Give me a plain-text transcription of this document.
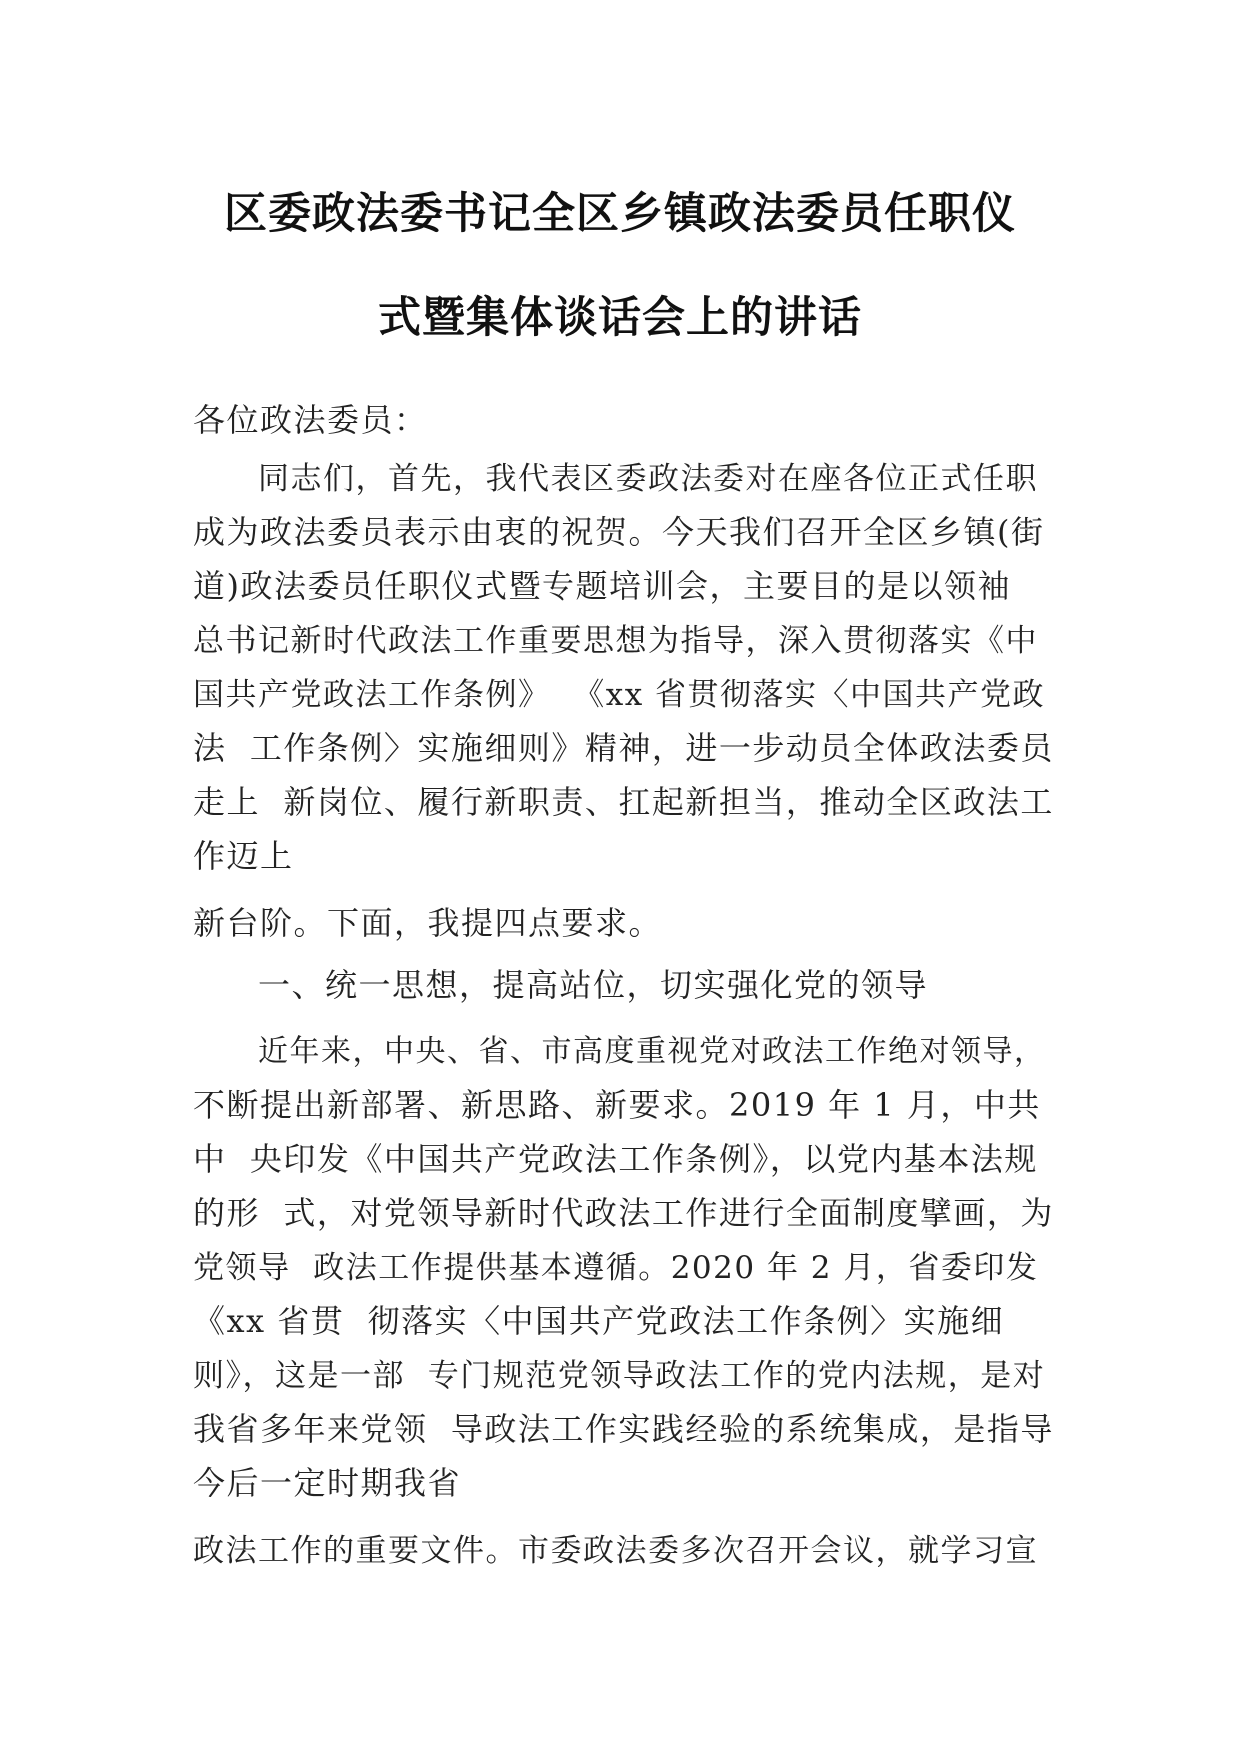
区委政法委书记全区乡镇政法委员任职仪
式暨集体谈话会上的讲话
各位政法委员：
同志们，首先，我代表区委政法委对在座各位正式任职
成为政法委员表示由衷的祝贺。今天我们召开全区乡镇(街
道)政法委员任职仪式暨专题培训会，主要目的是以领袖
总书记新时代政法工作重要思想为指导，深入贯彻落实《中
国共产党政法工作条例》  《xx 省贯彻落实〈中国共产党政
法  工作条例〉实施细则》精神，进一步动员全体政法委员
走上  新岗位、履行新职责、扛起新担当，推动全区政法工
作迈上
新台阶。下面，我提四点要求。
一、统一思想，提高站位，切实强化党的领导
近年来，中央、省、市高度重视党对政法工作绝对领导，
不断提出新部署、新思路、新要求。2019 年 1 月，中共
中  央印发《中国共产党政法工作条例》，以党内基本法规
的形  式，对党领导新时代政法工作进行全面制度擘画，为
党领导  政法工作提供基本遵循。2020 年 2 月，省委印发
《xx 省贯  彻落实〈中国共产党政法工作条例〉实施细
则》，这是一部  专门规范党领导政法工作的党内法规，是对
我省多年来党领  导政法工作实践经验的系统集成，是指导
今后一定时期我省
政法工作的重要文件。市委政法委多次召开会议，就学习宣
